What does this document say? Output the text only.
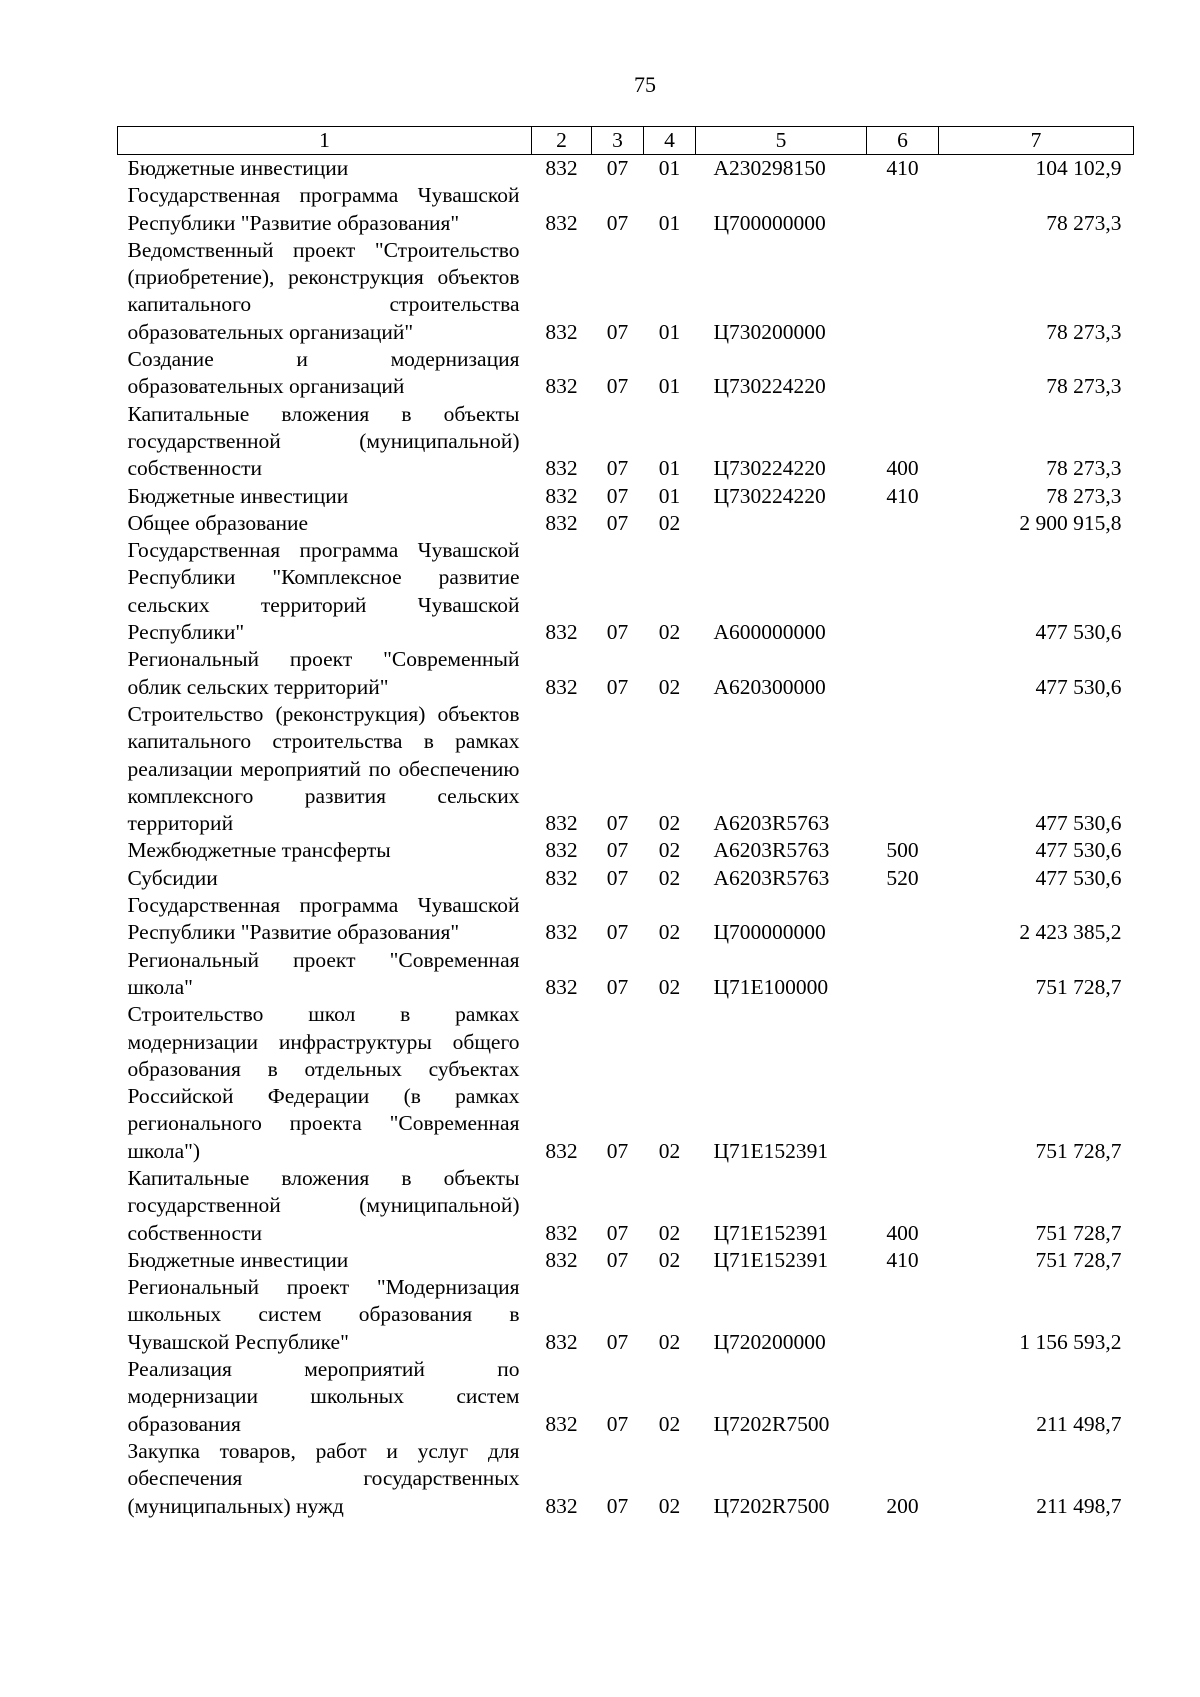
75
1	2	3	4	5	6	7
Бюджетные инвестиции	832	07	01	А230298150	410	104 102,9
Государственная программа Чувашской Республики "Развитие образования"	832	07	01	Ц700000000		78 273,3
Ведомственный проект "Строительство (приобретение), реконструкция объектов капитального строительства образовательных организаций"	832	07	01	Ц730200000		78 273,3
Создание и модернизация образовательных организаций	832	07	01	Ц730224220		78 273,3
Капитальные вложения в объекты государственной (муниципальной) собственности	832	07	01	Ц730224220	400	78 273,3
Бюджетные инвестиции	832	07	01	Ц730224220	410	78 273,3
Общее образование	832	07	02			2 900 915,8
Государственная программа Чувашской Республики "Комплексное развитие сельских территорий Чувашской Республики"	832	07	02	А600000000		477 530,6
Региональный проект "Современный облик сельских территорий"	832	07	02	А620300000		477 530,6
Строительство (реконструкция) объектов капитального строительства в рамках реализации мероприятий по обеспечению комплексного развития сельских территорий	832	07	02	А6203R5763		477 530,6
Межбюджетные трансферты	832	07	02	А6203R5763	500	477 530,6
Субсидии	832	07	02	А6203R5763	520	477 530,6
Государственная программа Чувашской Республики "Развитие образования"	832	07	02	Ц700000000		2 423 385,2
Региональный проект "Современная школа"	832	07	02	Ц71Е100000		751 728,7
Строительство школ в рамках модернизации инфраструктуры общего образования в отдельных субъектах Российской Федерации (в рамках регионального проекта "Современная школа")	832	07	02	Ц71Е152391		751 728,7
Капитальные вложения в объекты государственной (муниципальной) собственности	832	07	02	Ц71Е152391	400	751 728,7
Бюджетные инвестиции	832	07	02	Ц71Е152391	410	751 728,7
Региональный проект "Модернизация школьных систем образования в Чувашской Республике"	832	07	02	Ц720200000		1 156 593,2
Реализация мероприятий по модернизации школьных систем образования	832	07	02	Ц7202R7500		211 498,7
Закупка товаров, работ и услуг для обеспечения государственных (муниципальных) нужд	832	07	02	Ц7202R7500	200	211 498,7
